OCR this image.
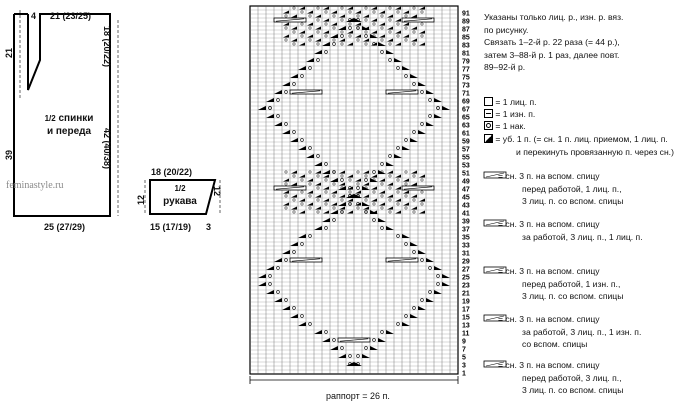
91
89
87
85
83
81
79
77
75
73
71
69
67
65
63
61
59
57
55
53
51
49
47
45
43
41
39
37
35
33
31
29
27
25
23
21
19
17
15
13
11
9
7
5
3
1
4 21 (23/25)
21
39
18 (20/22)
42 (40/38)
25 (27/29)
1/2 спинки
и переда
feminastyle.ru
18 (20/22)
12
12
1/2
рукава
15 (17/19) 3
раппорт = 26 п.
Указаны только лиц. р., изн. р. вяз.
по рисунку.
Связать 1–2-й р. 22 раза (= 44 р.),
затем 3–88-й р. 1 раз, далее повт.
89–92-й р.
= 1 лиц. п.
= 1 изн. п.
= 1 нак.
= уб. 1 п. (= сн. 1 п. лиц. приемом, 1 лиц. п.
и перекинуть провязанную п. через сн.)
= сн. 3 п. на вспом. спицу
перед работой, 1 лиц. п.,
3 лиц. п. со вспом. спицы
= сн. 3 п. на вспом. спицу
за работой, 3 лиц. п., 1 лиц. п.
= сн. 3 п. на вспом. спицу
перед работой, 1 изн. п.,
3 лиц. п. со вспом. спицы
= сн. 3 п. на вспом. спицу
за работой, 3 лиц. п., 1 изн. п.
со вспом. спицы
= сн. 3 п. на вспом. спицу
перед работой, 3 лиц. п.,
3 лиц. п. со вспом. спицы
